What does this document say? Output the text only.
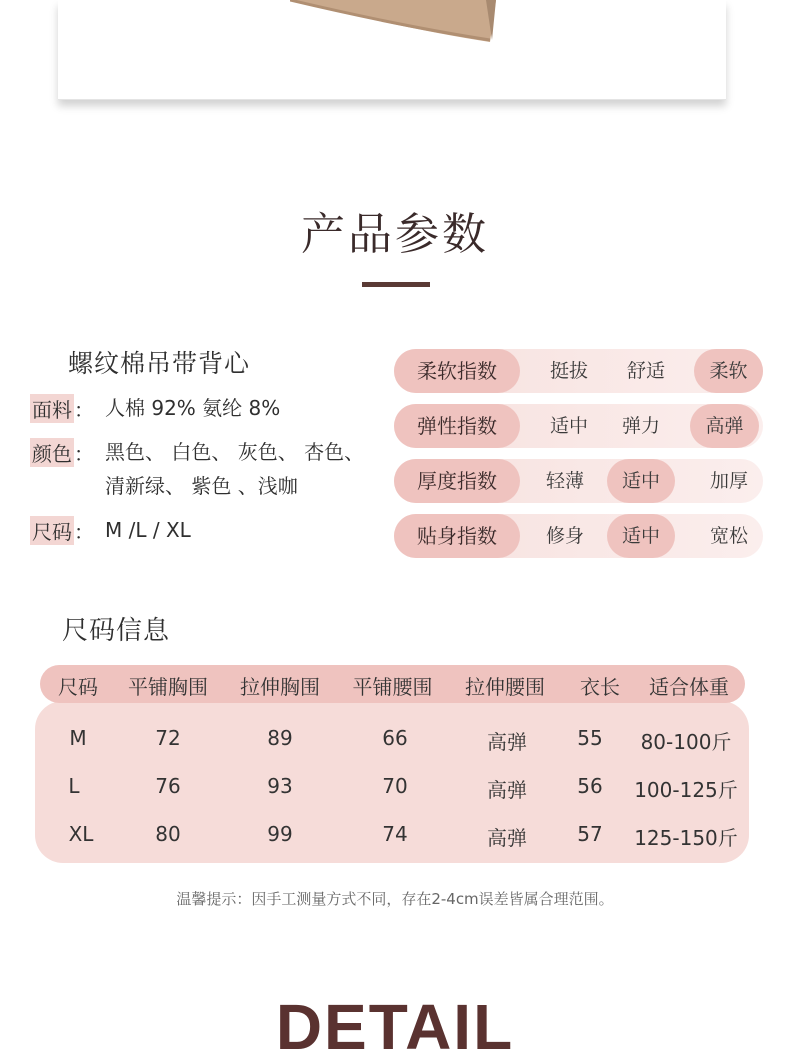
产品参数
螺纹棉吊带背心
面料 ： 人棉 92% 氨纶 8%
颜色 ： 黑色、 白色、 灰色、 杏色、
清新绿、 紫色 、浅咖
尺码 ： M /L / XL
柔软指数	挺拔	舒适	柔软
弹性指数	适中	弹力	高弹
厚度指数	轻薄	适中	加厚
贴身指数	修身	适中	宽松
尺码信息
尺码	平铺胸围	拉伸胸围	平铺腰围	拉伸腰围	衣长	适合体重
M	72	89	66	高弹	55	80-100斤
L	76	93	70	高弹	56	100-125斤
XL	80	99	74	高弹	57	125-150斤
温馨提示：因手工测量方式不同，存在2-4cm误差皆属合理范围。
DETAIL
